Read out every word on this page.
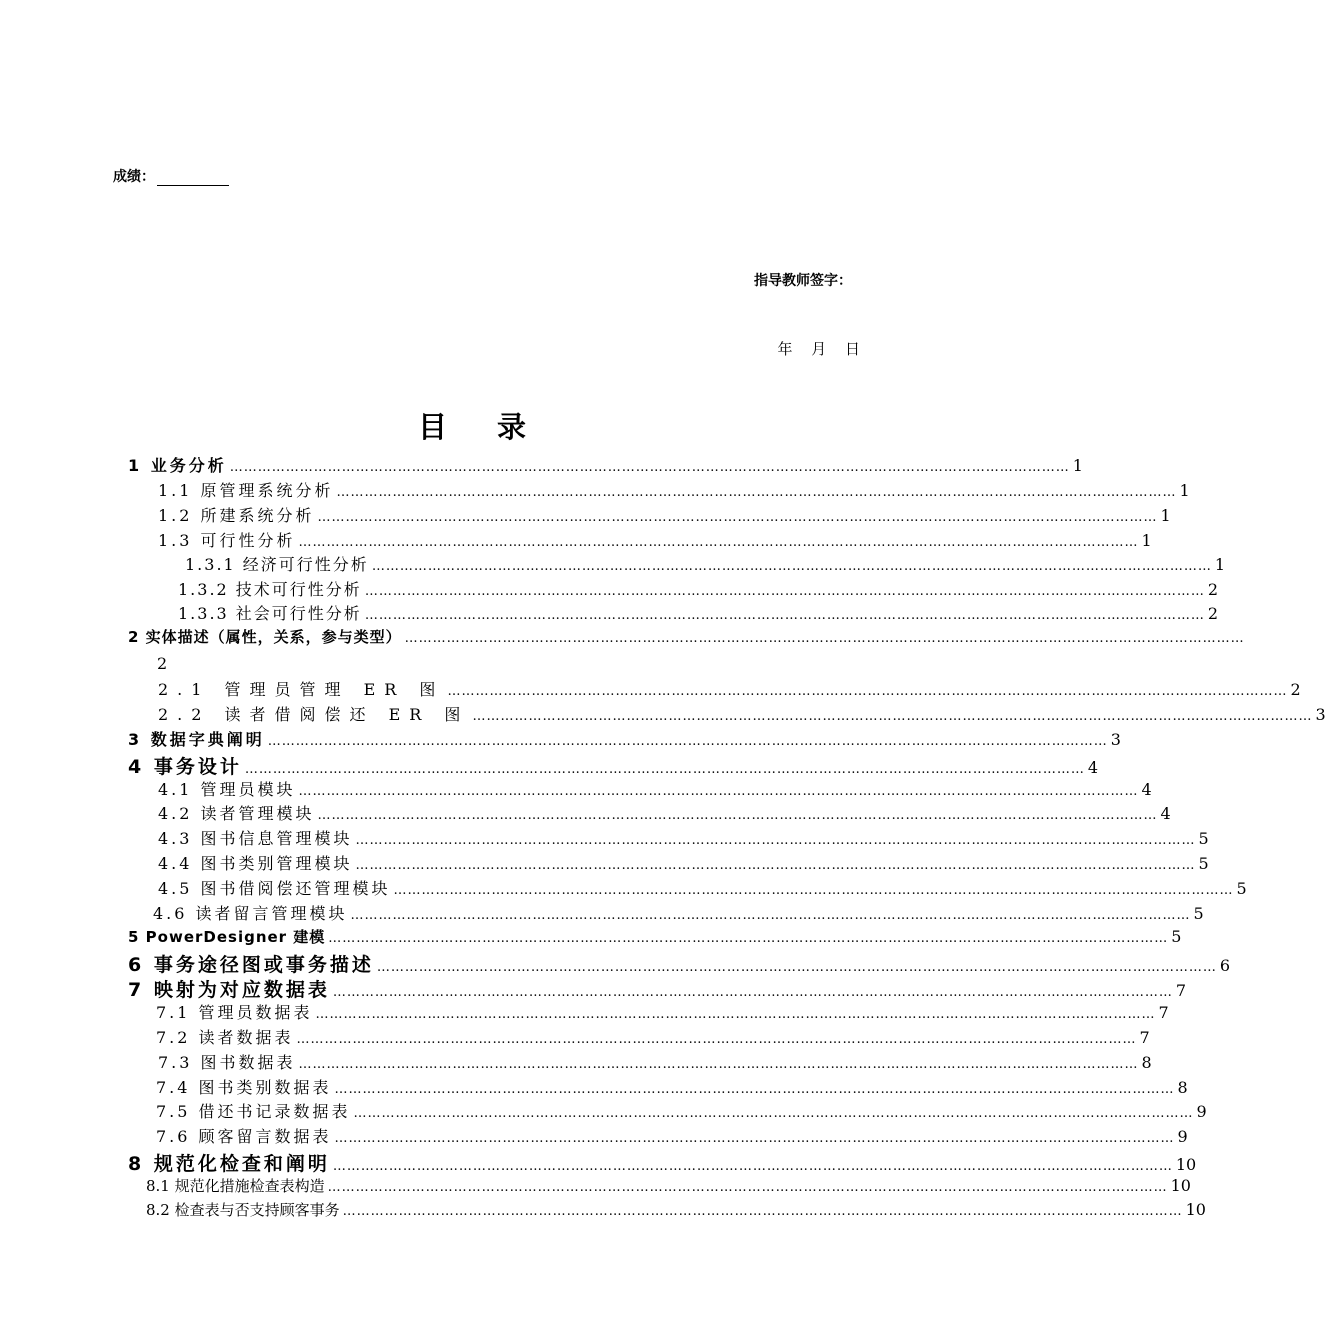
成绩：
指导教师签字：
年 月 日
目 录
1 业务分析 ……………………………………………………………………………………………………………………………………………………………… 1
1.1 原管理系统分析 ……………………………………………………………………………………………………………………………………………………………… 1
1.2 所建系统分析 ……………………………………………………………………………………………………………………………………………………………… 1
1.3 可行性分析 ……………………………………………………………………………………………………………………………………………………………… 1
1.3.1 经济可行性分析 ……………………………………………………………………………………………………………………………………………………………… 1
1.3.2 技术可行性分析 ……………………………………………………………………………………………………………………………………………………………… 2
1.3.3 社会可行性分析 ……………………………………………………………………………………………………………………………………………………………… 2
2 实体描述（属性，关系，参与类型） ………………………………………………………………………………………………………………………………………………………………
2.1 管理员管理 ER 图 ……………………………………………………………………………………………………………………………………………………………… 2
2.2 读者借阅偿还 ER 图 ……………………………………………………………………………………………………………………………………………………………… 3
3 数据字典阐明 ……………………………………………………………………………………………………………………………………………………………… 3
4 事务设计 ……………………………………………………………………………………………………………………………………………………………… 4
4.1 管理员模块 ……………………………………………………………………………………………………………………………………………………………… 4
4.2 读者管理模块 ……………………………………………………………………………………………………………………………………………………………… 4
4.3 图书信息管理模块 ……………………………………………………………………………………………………………………………………………………………… 5
4.4 图书类别管理模块 ……………………………………………………………………………………………………………………………………………………………… 5
4.5 图书借阅偿还管理模块 ……………………………………………………………………………………………………………………………………………………………… 5
4.6 读者留言管理模块 ……………………………………………………………………………………………………………………………………………………………… 5
5 PowerDesigner 建模 ……………………………………………………………………………………………………………………………………………………………… 5
6 事务途径图或事务描述 ……………………………………………………………………………………………………………………………………………………………… 6
7 映射为对应数据表 ……………………………………………………………………………………………………………………………………………………………… 7
7.1 管理员数据表 ……………………………………………………………………………………………………………………………………………………………… 7
7.2 读者数据表 ……………………………………………………………………………………………………………………………………………………………… 7
7.3 图书数据表 ……………………………………………………………………………………………………………………………………………………………… 8
7.4 图书类别数据表 ……………………………………………………………………………………………………………………………………………………………… 8
7.5 借还书记录数据表 ……………………………………………………………………………………………………………………………………………………………… 9
7.6 顾客留言数据表 ……………………………………………………………………………………………………………………………………………………………… 9
8 规范化检查和阐明 ……………………………………………………………………………………………………………………………………………………………… 10
8.1 规范化措施检查表构造 ……………………………………………………………………………………………………………………………………………………………… 10
8.2 检查表与否支持顾客事务 ……………………………………………………………………………………………………………………………………………………………… 10
2
